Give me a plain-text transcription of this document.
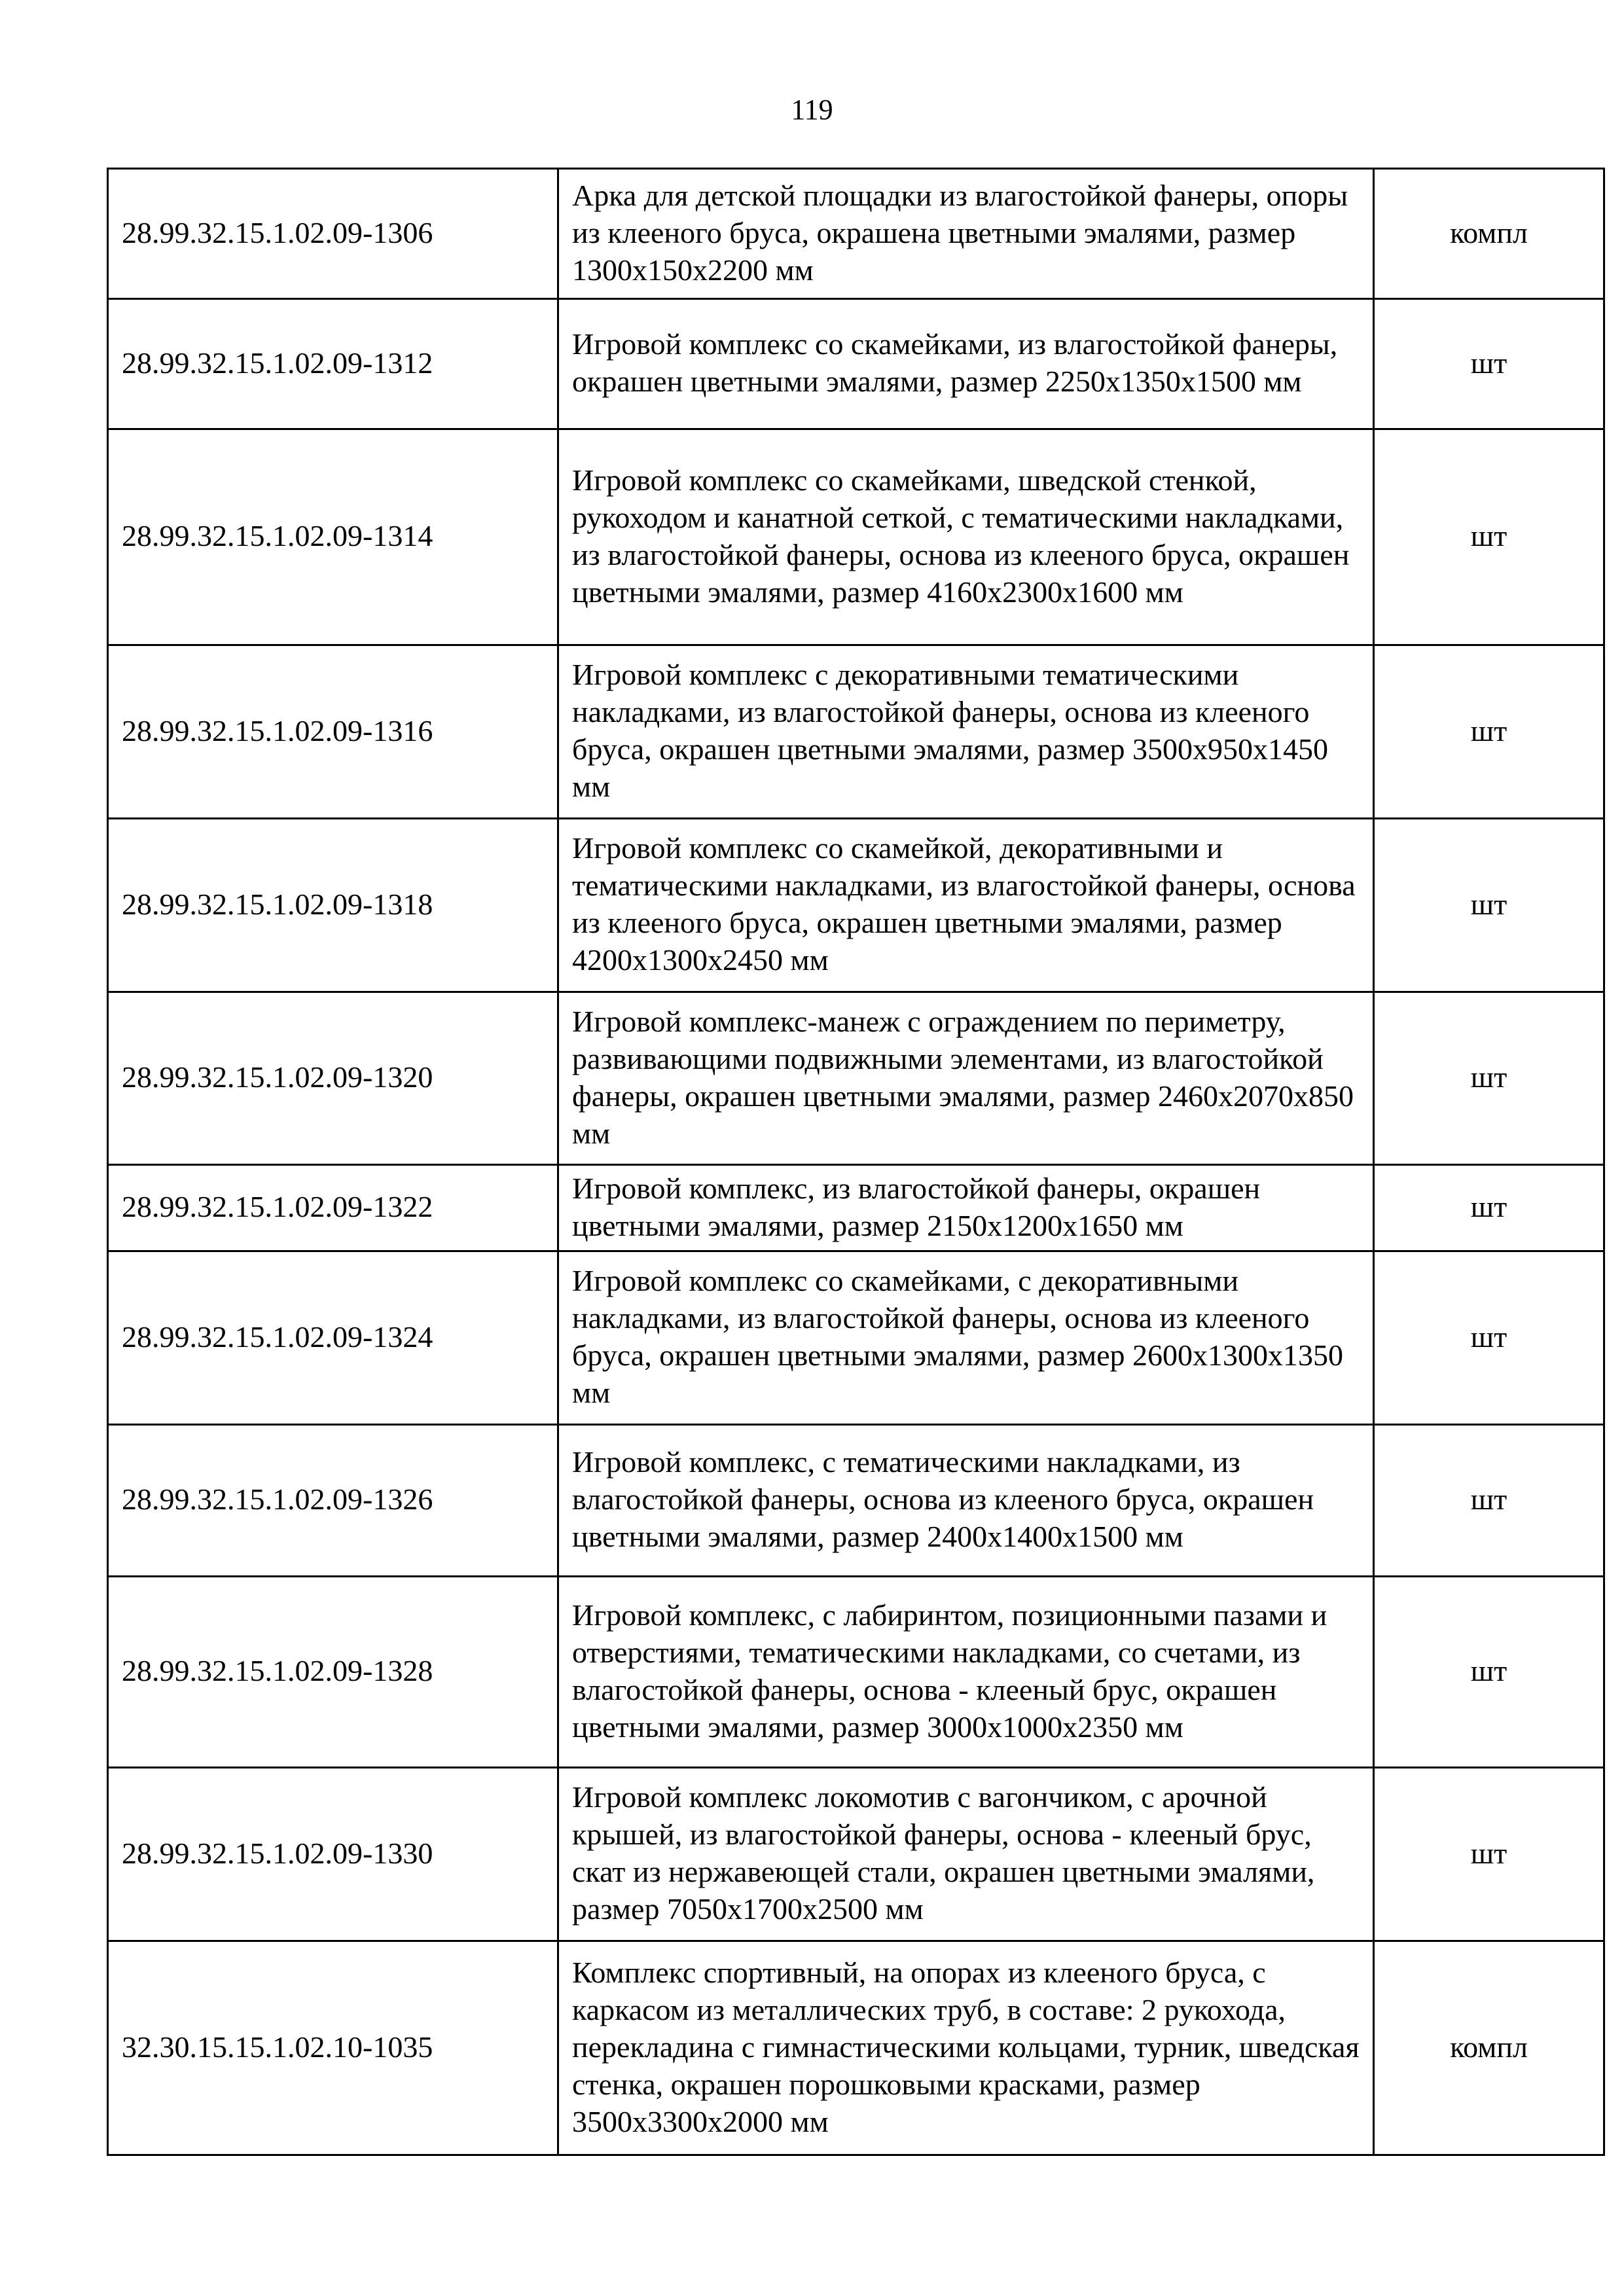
119
28.99.32.15.1.02.09-1306	Арка для детской площадки из влагостойкой фанеры, опоры из клееного бруса, окрашена цветными эмалями, размер 1300x150x2200 мм	компл
28.99.32.15.1.02.09-1312	Игровой комплекс со скамейками, из влагостойкой фанеры, окрашен цветными эмалями, размер 2250x1350x1500 мм	шт
28.99.32.15.1.02.09-1314	Игровой комплекс со скамейками, шведской стенкой, рукоходом и канатной сеткой, с тематическими накладками, из влагостойкой фанеры, основа из клееного бруса, окрашен цветными эмалями, размер 4160x2300x1600 мм	шт
28.99.32.15.1.02.09-1316	Игровой комплекс с декоративными тематическими накладками, из влагостойкой фанеры, основа из клееного бруса, окрашен цветными эмалями, размер 3500x950x1450 мм	шт
28.99.32.15.1.02.09-1318	Игровой комплекс со скамейкой, декоративными и тематическими накладками, из влагостойкой фанеры, основа из клееного бруса, окрашен цветными эмалями, размер 4200x1300x2450 мм	шт
28.99.32.15.1.02.09-1320	Игровой комплекс-манеж с ограждением по периметру, развивающими подвижными элементами, из влагостойкой фанеры, окрашен цветными эмалями, размер 2460x2070x850 мм	шт
28.99.32.15.1.02.09-1322	Игровой комплекс, из влагостойкой фанеры, окрашен цветными эмалями, размер 2150x1200x1650 мм	шт
28.99.32.15.1.02.09-1324	Игровой комплекс со скамейками, с декоративными накладками, из влагостойкой фанеры, основа из клееного бруса, окрашен цветными эмалями, размер 2600x1300x1350 мм	шт
28.99.32.15.1.02.09-1326	Игровой комплекс, с тематическими накладками, из влагостойкой фанеры, основа из клееного бруса, окрашен цветными эмалями, размер 2400x1400x1500 мм	шт
28.99.32.15.1.02.09-1328	Игровой комплекс, с лабиринтом, позиционными пазами и отверстиями, тематическими накладками, со счетами, из влагостойкой фанеры, основа - клееный брус, окрашен цветными эмалями, размер 3000x1000x2350 мм	шт
28.99.32.15.1.02.09-1330	Игровой комплекс локомотив с вагончиком, с арочной крышей, из влагостойкой фанеры, основа - клееный брус, скат из нержавеющей стали, окрашен цветными эмалями, размер 7050x1700x2500 мм	шт
32.30.15.15.1.02.10-1035	Комплекс спортивный, на опорах из клееного бруса, с каркасом из металлических труб, в составе: 2 рукохода, перекладина с гимнастическими кольцами, турник, шведская стенка, окрашен порошковыми красками, размер 3500x3300x2000 мм	компл
